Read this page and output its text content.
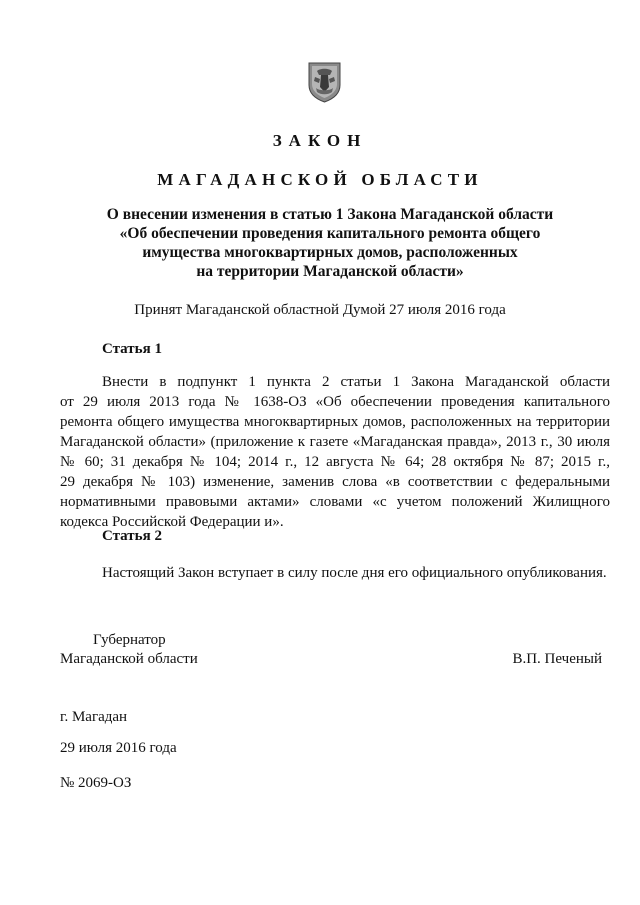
ЗАКОН
МАГАДАНСКОЙ ОБЛАСТИ

О внесении изменения в статью 1 Закона Магаданской области
«Об обеспечении проведения капитального ремонта общего
имущества многоквартирных домов, расположенных
на территории Магаданской области»

Принят Магаданской областной Думой 27 июля 2016 года

Статья 1

Внести в подпункт 1 пункта 2 статьи 1 Закона Магаданской области
от 29 июля 2013 года № 1638-ОЗ «Об обеспечении проведения капитального
ремонта общего имущества многоквартирных домов, расположенных на территории
Магаданской области» (приложение к газете «Магаданская правда», 2013 г., 30 июля
№ 60; 31 декабря № 104; 2014 г., 12 августа № 64; 28 октября № 87; 2015 г.,
29 декабря № 103) изменение, заменив слова «в соответствии с федеральными
нормативными правовыми актами» словами «с учетом положений Жилищного
кодекса Российской Федерации и».

Статья 2

Настоящий Закон вступает в силу после дня его официального опубликования.

Губернатор

Магаданской области	В.П. Печеный

г. Магадан

29 июля 2016 года

№ 2069-ОЗ
